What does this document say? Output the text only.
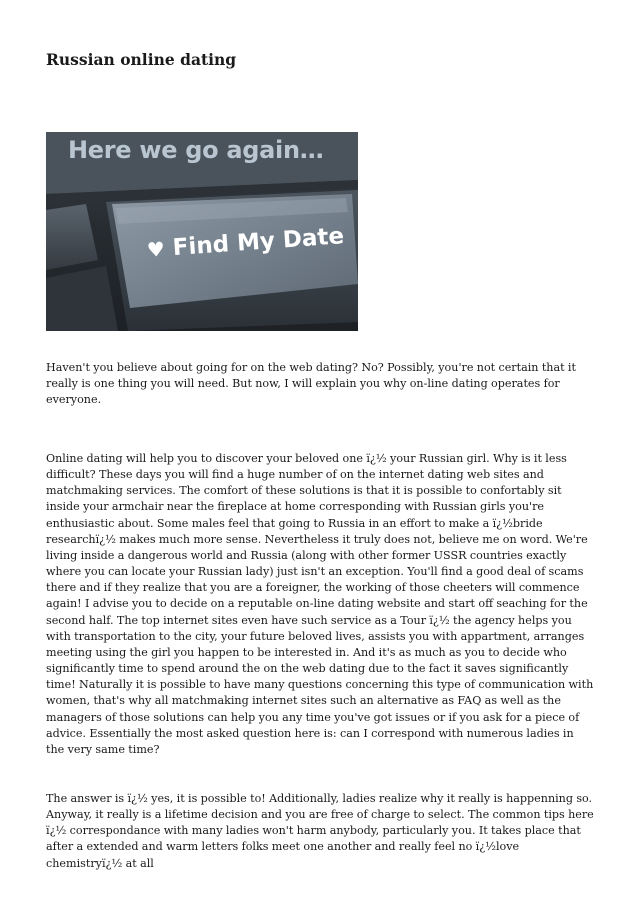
Russian online dating
Here we go again…
♥ Find My Date

Haven't you believe about going for on the web dating? No? Possibly, you're not certain that it really is one thing you will need. But now, I will explain you why on-line dating operates for everyone.

Online dating will help you to discover your beloved one ï¿½ your Russian girl. Why is it less difficult? These days you will find a huge number of on the internet dating web sites and matchmaking services. The comfort of these solutions is that it is possible to confortably sit inside your armchair near the fireplace at home corresponding with Russian girls you're enthusiastic about. Some males feel that going to Russia in an effort to make a ï¿½bride researchï¿½ makes much more sense. Nevertheless it truly does not, believe me on word. We're living inside a dangerous world and Russia (along with other former USSR countries exactly where you can locate your Russian lady) just isn't an exception. You'll find a good deal of scams there and if they realize that you are a foreigner, the working of those cheeters will commence again! I advise you to decide on a reputable on-line dating website and start off seaching for the second half. The top internet sites even have such service as a Tour ï¿½ the agency helps you with transportation to the city, your future beloved lives, assists you with appartment, arranges meeting using the girl you happen to be interested in. And it's as much as you to decide who significantly time to spend around the on the web dating due to the fact it saves significantly time! Naturally it is possible to have many questions concerning this type of communication with women, that's why all matchmaking internet sites such an alternative as FAQ as well as the managers of those solutions can help you any time you've got issues or if you ask for a piece of advice. Essentially the most asked question here is: can I correspond with numerous ladies in the very same time?

The answer is ï¿½ yes, it is possible to! Additionally, ladies realize why it really is happenning so. Anyway, it really is a lifetime decision and you are free of charge to select. The common tips here ï¿½ correspondance with many ladies won't harm anybody, particularly you. It takes place that after a extended and warm letters folks meet one another and really feel no ï¿½love chemistryï¿½ at all
